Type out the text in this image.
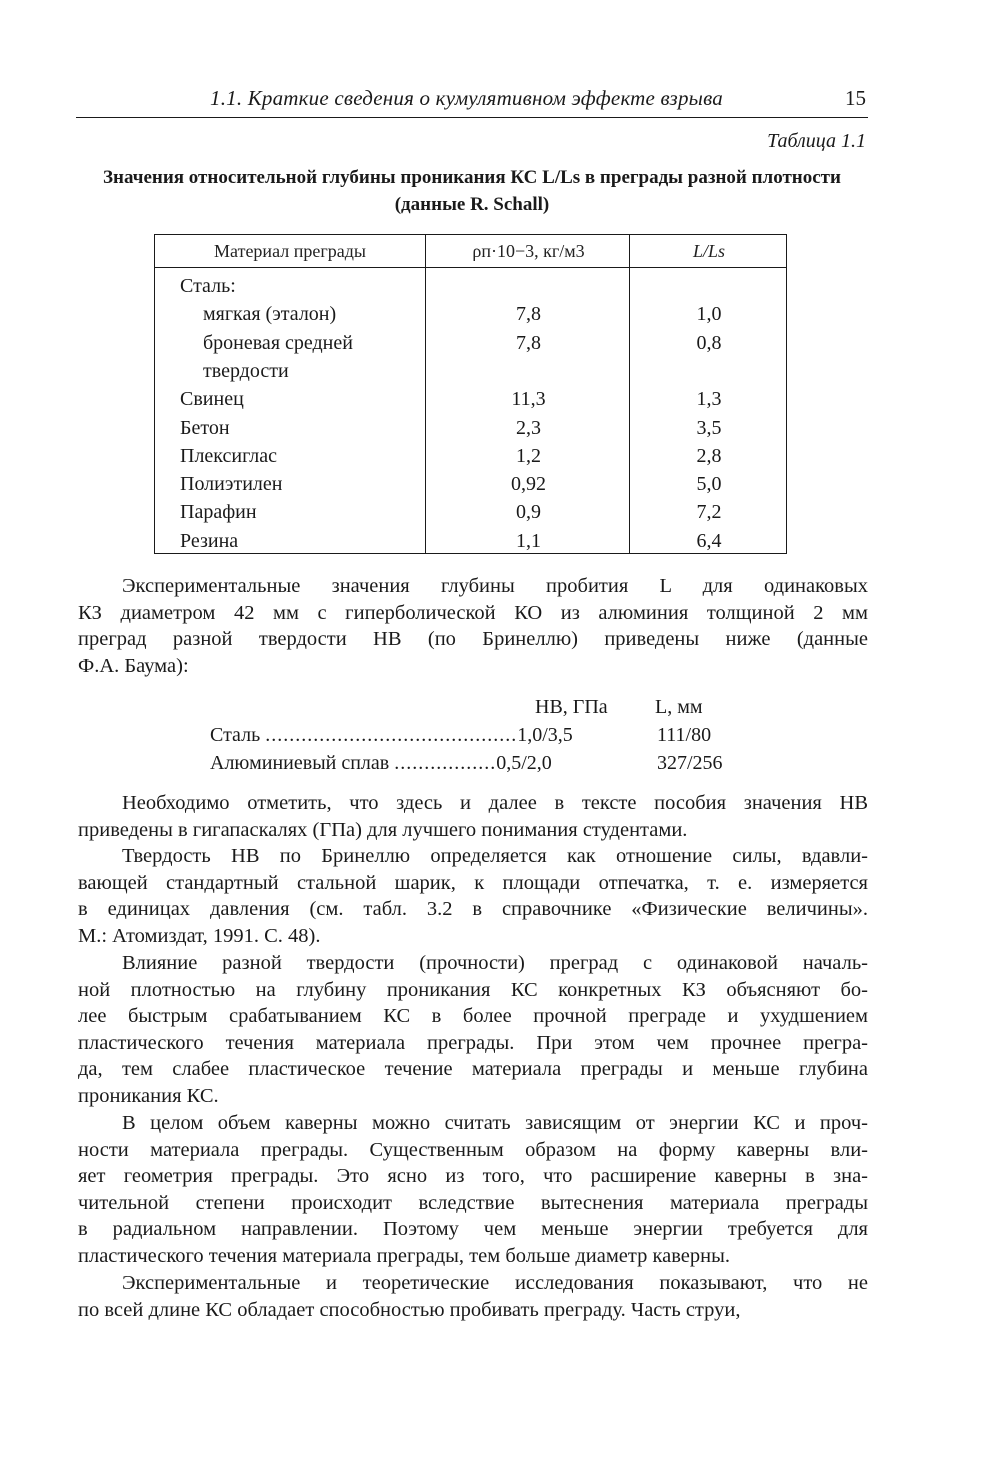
1.1. Краткие сведения о кумулятивном эффекте взрыва	15
Таблица 1.1
Значения относительной глубины проникания КС L/Ls в преграды разной плотности
(данные R. Schall)
Материал преграды	ρп·10−3, кг/м3	L/Ls
Сталь:
мягкая (эталон)	7,8	1,0
броневая средней	7,8	0,8
твердости
Свинец	11,3	1,3
Бетон	2,3	3,5
Плексиглас	1,2	2,8
Полиэтилен	0,92	5,0
Парафин	0,9	7,2
Резина	1,1	6,4
Экспериментальные значения глубины пробития L для одинаковых
КЗ диаметром 42 мм с гиперболической КО из алюминия толщиной 2 мм
преград разной твердости НВ (по Бринеллю) приведены ниже (данные
Ф.А. Баума):
НВ, ГПа L, мм
Сталь ..........................................1,0/3,5	111/80
Алюминиевый сплав .................0,5/2,0	327/256
Необходимо отметить, что здесь и далее в тексте пособия значения НВ
приведены в гигапаскалях (ГПа) для лучшего понимания студентами.
Твердость НВ по Бринеллю определяется как отношение силы, вдавли-
вающей стандартный стальной шарик, к площади отпечатка, т. е. измеряется
в единицах давления (см. табл. 3.2 в справочнике «Физические величины».
М.: Атомиздат, 1991. С. 48).
Влияние разной твердости (прочности) преград с одинаковой началь-
ной плотностью на глубину проникания КС конкретных КЗ объясняют бо-
лее быстрым срабатыванием КС в более прочной преграде и ухудшением
пластического течения материала преграды. При этом чем прочнее прегра-
да, тем слабее пластическое течение материала преграды и меньше глубина
проникания КС.
В целом объем каверны можно считать зависящим от энергии КС и проч-
ности материала преграды. Существенным образом на форму каверны вли-
яет геометрия преграды. Это ясно из того, что расширение каверны в зна-
чительной степени происходит вследствие вытеснения материала преграды
в радиальном направлении. Поэтому чем меньше энергии требуется для
пластического течения материала преграды, тем больше диаметр каверны.
Экспериментальные и теоретические исследования показывают, что не
по всей длине КС обладает способностью пробивать преграду. Часть струи,
